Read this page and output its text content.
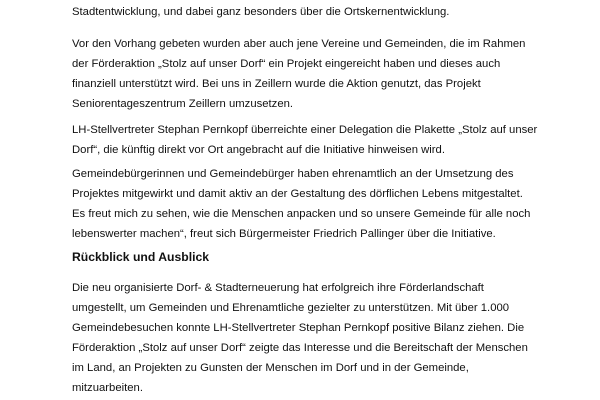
Stadtentwicklung, und dabei ganz besonders über die Ortskernentwicklung.

Vor den Vorhang gebeten wurden aber auch jene Vereine und Gemeinden, die im Rahmen
der Förderaktion „Stolz auf unser Dorf“ ein Projekt eingereicht haben und dieses auch
finanziell unterstützt wird. Bei uns in Zeillern wurde die Aktion genutzt, das Projekt
Seniorentageszentrum Zeillern umzusetzen.

LH-Stellvertreter Stephan Pernkopf überreichte einer Delegation die Plakette „Stolz auf unser
Dorf“, die künftig direkt vor Ort angebracht auf die Initiative hinweisen wird.

Gemeindebürgerinnen und Gemeindebürger haben ehrenamtlich an der Umsetzung des
Projektes mitgewirkt und damit aktiv an der Gestaltung des dörflichen Lebens mitgestaltet.
Es freut mich zu sehen, wie die Menschen anpacken und so unsere Gemeinde für alle noch
lebenswerter machen“, freut sich Bürgermeister Friedrich Pallinger über die Initiative.

Rückblick und Ausblick

Die neu organisierte Dorf- & Stadterneuerung hat erfolgreich ihre Förderlandschaft
umgestellt, um Gemeinden und Ehrenamtliche gezielter zu unterstützen. Mit über 1.000
Gemeindebesuchen konnte LH-Stellvertreter Stephan Pernkopf positive Bilanz ziehen. Die
Förderaktion „Stolz auf unser Dorf“ zeigte das Interesse und die Bereitschaft der Menschen
im Land, an Projekten zu Gunsten der Menschen im Dorf und in der Gemeinde,
mitzuarbeiten.
